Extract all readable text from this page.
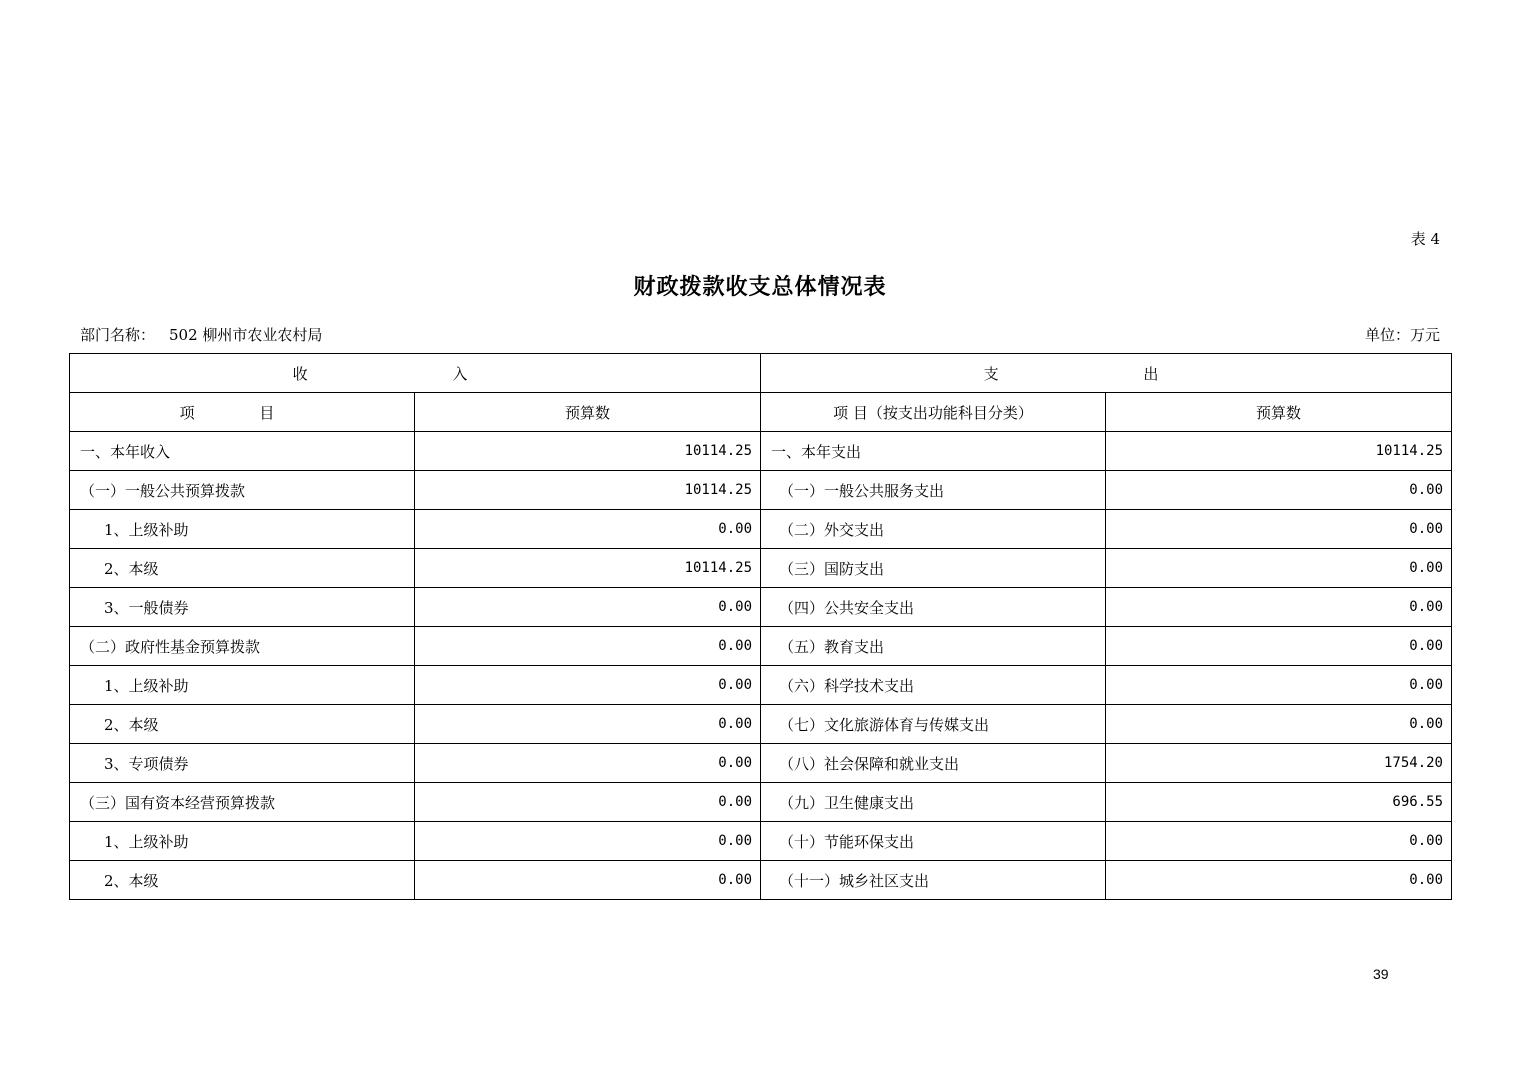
表 4
财政拨款收支总体情况表
部门名称： 502 柳州市农业农村局	单位：万元
收 入		支 出	
项 目	预算数	项 目（按支出功能科目分类）	预算数
一、本年收入	10114.25	一、本年支出	10114.25
（一）一般公共预算拨款	10114.25	（一）一般公共服务支出	0.00
1、上级补助	0.00	（二）外交支出	0.00
2、本级	10114.25	（三）国防支出	0.00
3、一般债券	0.00	（四）公共安全支出	0.00
（二）政府性基金预算拨款	0.00	（五）教育支出	0.00
1、上级补助	0.00	（六）科学技术支出	0.00
2、本级	0.00	（七）文化旅游体育与传媒支出	0.00
3、专项债券	0.00	（八）社会保障和就业支出	1754.20
（三）国有资本经营预算拨款	0.00	（九）卫生健康支出	696.55
1、上级补助	0.00	（十）节能环保支出	0.00
2、本级	0.00	（十一）城乡社区支出	0.00
39
